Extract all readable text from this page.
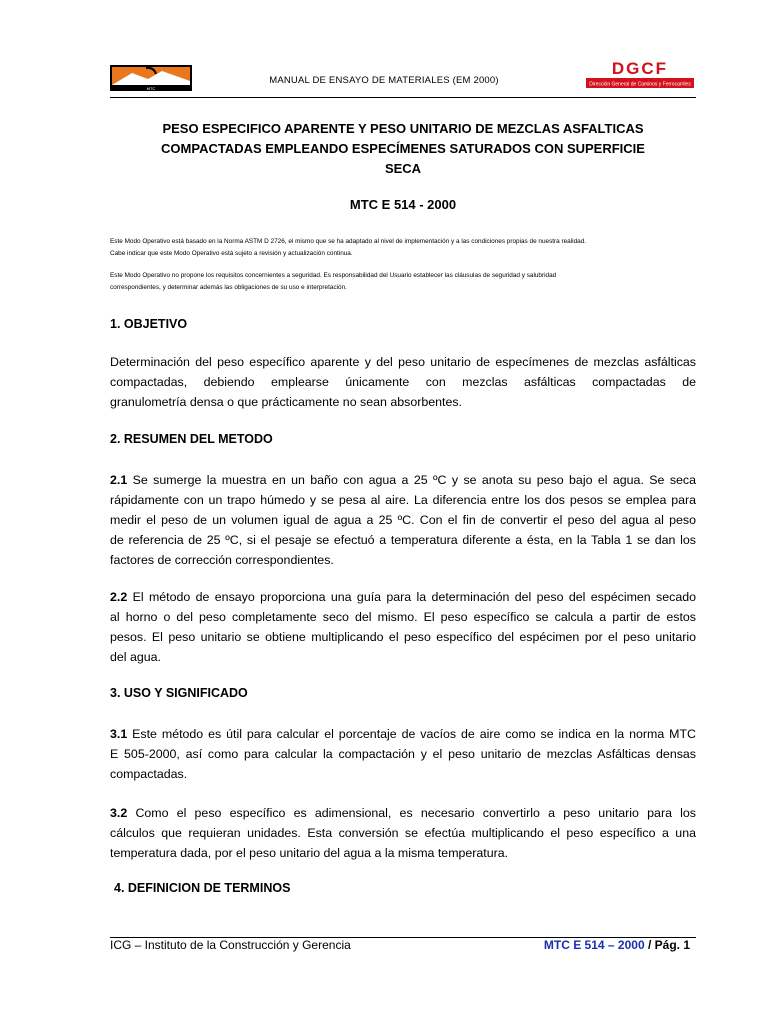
MTC
MANUAL DE ENSAYO DE MATERIALES (EM 2000)
DGCF
Dirección General de Caminos y Ferrocarriles
PESO ESPECIFICO APARENTE Y PESO UNITARIO DE MEZCLAS ASFALTICAS
COMPACTADAS EMPLEANDO ESPECÍMENES SATURADOS CON SUPERFICIE
SECA
MTC E 514 - 2000
Este Modo Operativo está basado en la Norma ASTM D 2726, el mismo que se ha adaptado al nivel de implementación y a las condiciones propias de nuestra realidad.
Cabe indicar que este Modo Operativo está sujeto a revisión y actualización continua.
Este Modo Operativo no propone los requisitos concernientes a seguridad. Es responsabilidad del Usuario establecer las cláusulas de seguridad y salubridad
correspondientes, y determinar además las obligaciones de su uso e interpretación.
1. OBJETIVO
Determinación del peso específico aparente y del peso unitario de especímenes de mezclas asfálticas
compactadas, debiendo emplearse únicamente con mezclas asfálticas compactadas de
granulometría densa o que prácticamente no sean absorbentes.
2. RESUMEN DEL METODO
2.1 Se sumerge la muestra en un baño con agua a 25 ºC y se anota su peso bajo el agua. Se seca
rápidamente con un trapo húmedo y se pesa al aire. La diferencia entre los dos pesos se emplea para
medir el peso de un volumen igual de agua a 25 ºC. Con el fin de convertir el peso del agua al peso
de referencia de 25 ºC, si el pesaje se efectuó a temperatura diferente a ésta, en la Tabla 1 se dan los
factores de corrección correspondientes.
2.2 El método de ensayo proporciona una guía para la determinación del peso del espécimen secado
al horno o del peso completamente seco del mismo. El peso específico se calcula a partir de estos
pesos. El peso unitario se obtiene multiplicando el peso específico del espécimen por el peso unitario
del agua.
3. USO Y SIGNIFICADO
3.1 Este método es útil para calcular el porcentaje de vacíos de aire como se indica en la norma MTC
E 505-2000, así como para calcular la compactación y el peso unitario de mezclas Asfálticas densas
compactadas.
3.2 Como el peso específico es adimensional, es necesario convertirlo a peso unitario para los
cálculos que requieran unidades. Esta conversión se efectúa multiplicando el peso específico a una
temperatura dada, por el peso unitario del agua a la misma temperatura.
4. DEFINICION DE TERMINOS
ICG – Instituto de la Construcción y Gerencia	MTC E 514 – 2000 / Pág. 1
